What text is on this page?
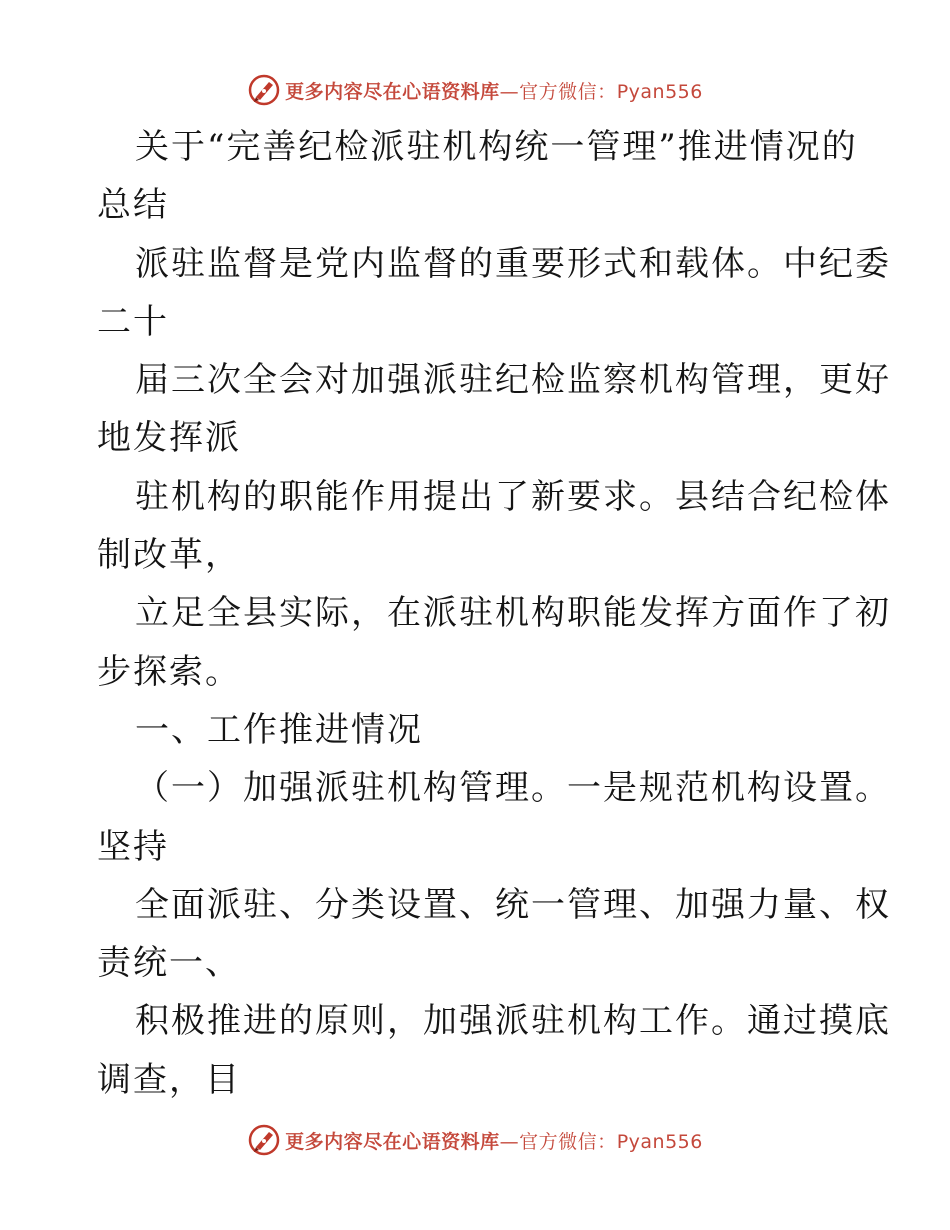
更多内容尽在心语资料库—官方微信：Pyan556
关于“完善纪检派驻机构统一管理”推进情况的
总结
派驻监督是党内监督的重要形式和载体。中纪委
二十
届三次全会对加强派驻纪检监察机构管理，更好
地发挥派
驻机构的职能作用提出了新要求。县结合纪检体
制改革，
立足全县实际，在派驻机构职能发挥方面作了初
步探索。
一、工作推进情况
（一）加强派驻机构管理。一是规范机构设置。
坚持
全面派驻、分类设置、统一管理、加强力量、权
责统一、
积极推进的原则，加强派驻机构工作。通过摸底
调查，目
更多内容尽在心语资料库—官方微信：Pyan556
